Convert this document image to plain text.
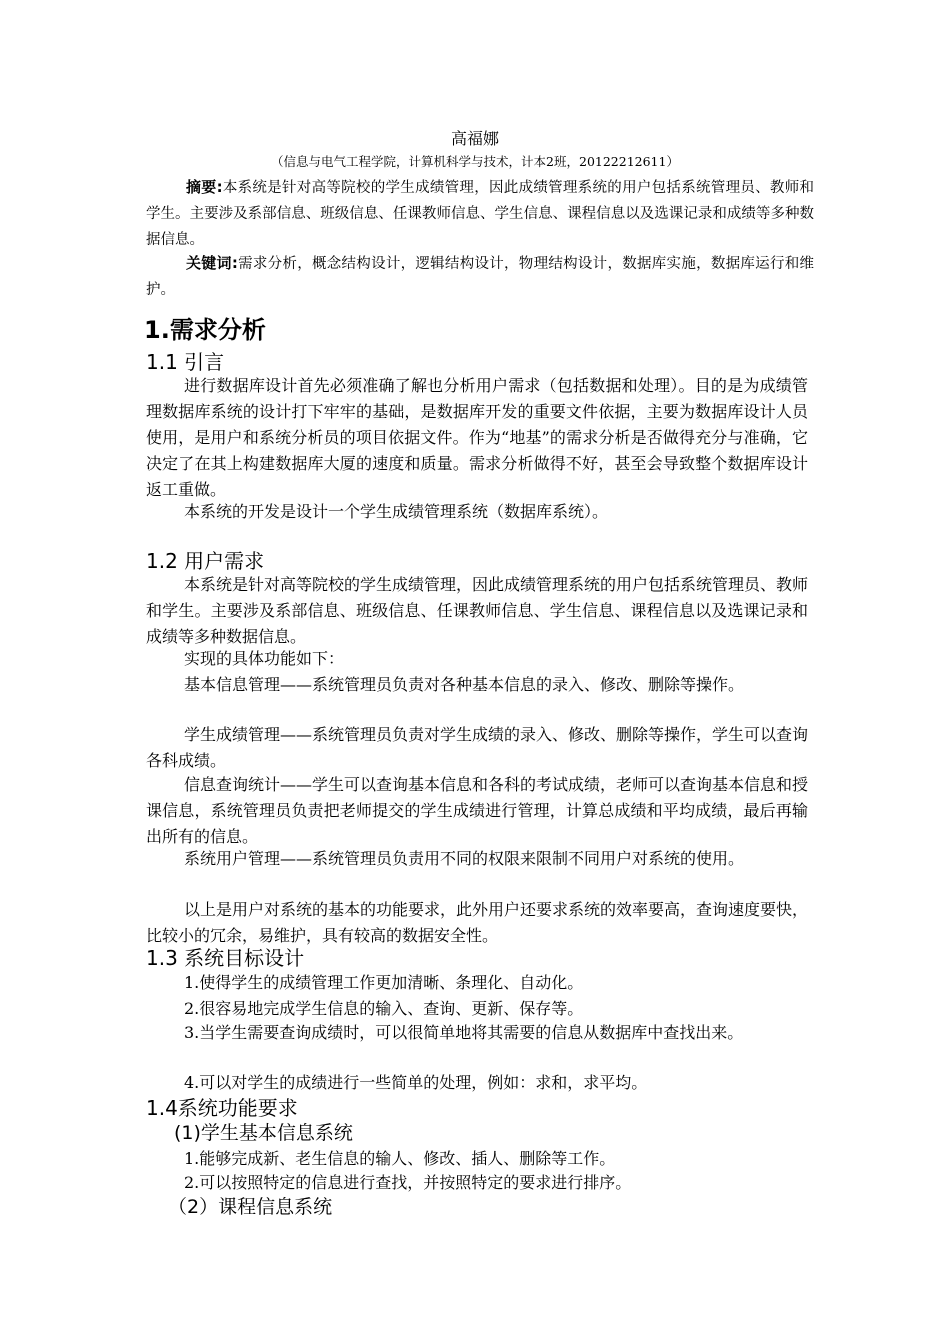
高福娜
（信息与电气工程学院，计算机科学与技术，计本2班，20122212611）
摘要:本系统是针对高等院校的学生成绩管理，因此成绩管理系统的用户包括系统管理员、教师和学生。主要涉及系部信息、班级信息、任课教师信息、学生信息、课程信息以及选课记录和成绩等多种数据信息。
关键词:需求分析，概念结构设计，逻辑结构设计，物理结构设计，数据库实施，数据库运行和维护。
1.需求分析
1.1 引言
进行数据库设计首先必须准确了解也分析用户需求（包括数据和处理）。目的是为成绩管理数据库系统的设计打下牢牢的基础，是数据库开发的重要文件依据，主要为数据库设计人员使用，是用户和系统分析员的项目依据文件。作为“地基”的需求分析是否做得充分与准确，它决定了在其上构建数据库大厦的速度和质量。需求分析做得不好，甚至会导致整个数据库设计返工重做。
本系统的开发是设计一个学生成绩管理系统（数据库系统）。
1.2 用户需求
本系统是针对高等院校的学生成绩管理，因此成绩管理系统的用户包括系统管理员、教师和学生。主要涉及系部信息、班级信息、任课教师信息、学生信息、课程信息以及选课记录和成绩等多种数据信息。
实现的具体功能如下：
基本信息管理——系统管理员负责对各种基本信息的录入、修改、删除等操作。
学生成绩管理——系统管理员负责对学生成绩的录入、修改、删除等操作，学生可以查询各科成绩。
信息查询统计——学生可以查询基本信息和各科的考试成绩，老师可以查询基本信息和授课信息，系统管理员负责把老师提交的学生成绩进行管理，计算总成绩和平均成绩，最后再输出所有的信息。
系统用户管理——系统管理员负责用不同的权限来限制不同用户对系统的使用。
以上是用户对系统的基本的功能要求，此外用户还要求系统的效率要高，查询速度要快，比较小的冗余，易维护，具有较高的数据安全性。
1.3 系统目标设计
1.使得学生的成绩管理工作更加清晰、条理化、自动化。
2.很容易地完成学生信息的输入、查询、更新、保存等。
3.当学生需要查询成绩时，可以很简单地将其需要的信息从数据库中查找出来。
4.可以对学生的成绩进行一些简单的处理，例如：求和，求平均。
1.4系统功能要求
(1)学生基本信息系统
1.能够完成新、老生信息的输人、修改、插人、删除等工作。
2.可以按照特定的信息进行查找，并按照特定的要求进行排序。
（2）课程信息系统
